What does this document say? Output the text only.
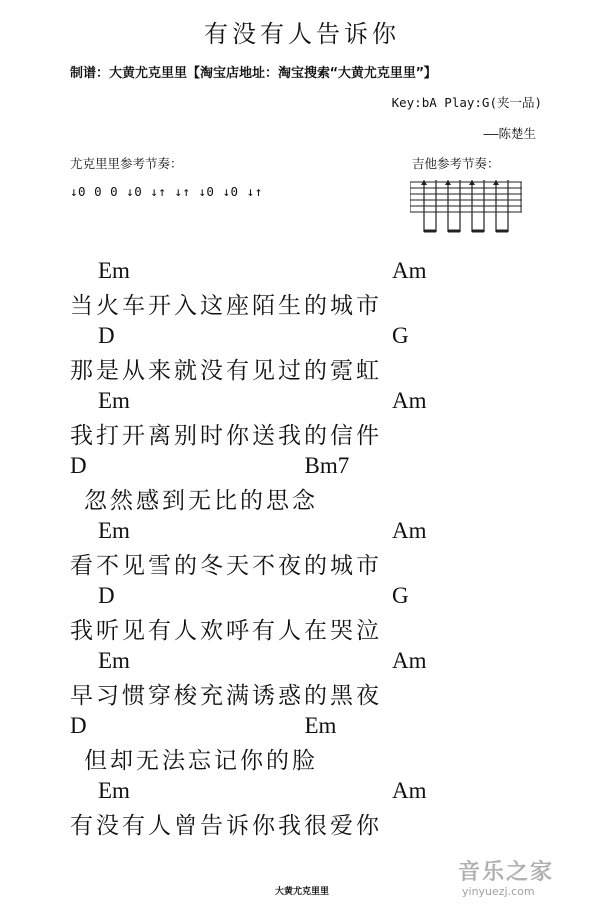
有没有人告诉你
制谱：大黄尤克里里【淘宝店地址：淘宝搜索“大黄尤克里里”】
Key:bA Play:G(夹一品)
——陈楚生
尤克里里参考节奏：	吉他参考节奏：
↓0 0 0 ↓0 ↓↑ ↓↑ ↓0 ↓0 ↓↑
Em	Am
当火车开入这座陌生的城市
D	G
那是从来就没有见过的霓虹
Em	Am
我打开离别时你送我的信件
D	Bm7
忽然感到无比的思念
Em	Am
看不见雪的冬天不夜的城市
D	G
我听见有人欢呼有人在哭泣
Em	Am
早习惯穿梭充满诱惑的黑夜
D	Em
但却无法忘记你的脸
Em	Am
有没有人曾告诉你我很爱你
大黄尤克里里
音乐之家
yinyuezj.com
